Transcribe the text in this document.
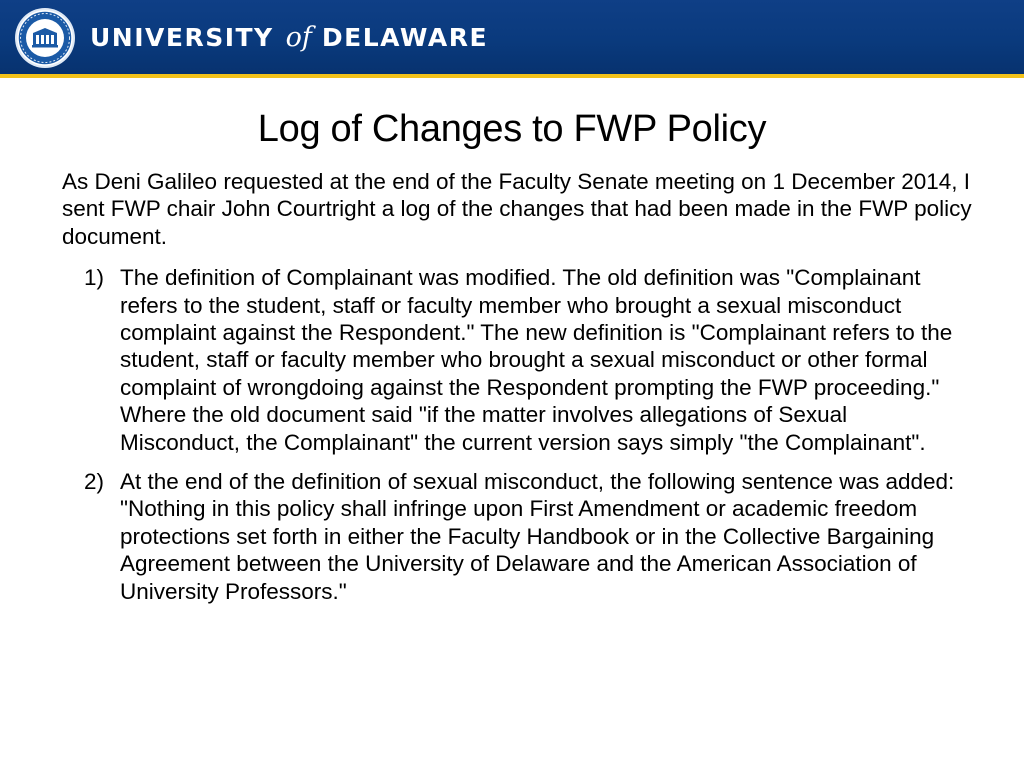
UNIVERSITY of DELAWARE
Log of Changes to FWP Policy

As Deni Galileo requested at the end of the Faculty Senate meeting on 1 December 2014, I sent FWP chair John Courtright a log of the changes that had been made in the FWP policy document.

1) The definition of Complainant was modified. The old definition was "Complainant refers to the student, staff or faculty member who brought a sexual misconduct complaint against the Respondent." The new definition is "Complainant refers to the student, staff or faculty member who brought a sexual misconduct or other formal complaint of wrongdoing against the Respondent prompting the FWP proceeding." Where the old document said "if the matter involves allegations of Sexual Misconduct, the Complainant" the current version says simply "the Complainant".
2) At the end of the definition of sexual misconduct, the following sentence was added: "Nothing in this policy shall infringe upon First Amendment or academic freedom protections set forth in either the Faculty Handbook or in the Collective Bargaining Agreement between the University of Delaware and the American Association of University Professors."
